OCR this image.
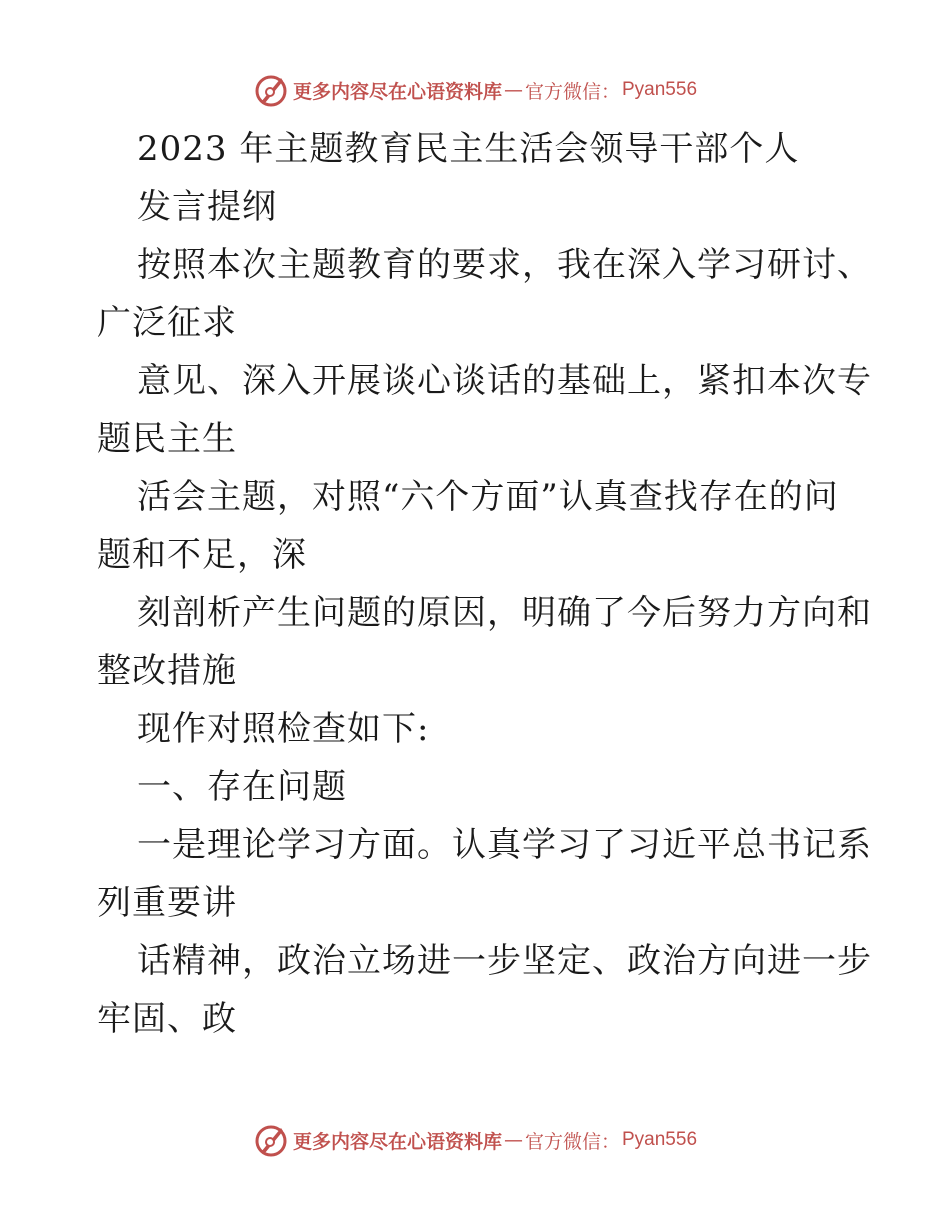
更多内容尽在心语资料库 — 官方微信： Pyan556
2023 年主题教育民主生活会领导干部个人
发言提纲
按照本次主题教育的要求，我在深入学习研讨、
广泛征求
意见、深入开展谈心谈话的基础上，紧扣本次专
题民主生
活会主题，对照“六个方面”认真查找存在的问
题和不足，深
刻剖析产生问题的原因，明确了今后努力方向和
整改措施
现作对照检查如下:
一、存在问题
一是理论学习方面。认真学习了习近平总书记系
列重要讲
话精神，政治立场进一步坚定、政治方向进一步
牢固、政
更多内容尽在心语资料库 — 官方微信： Pyan556
